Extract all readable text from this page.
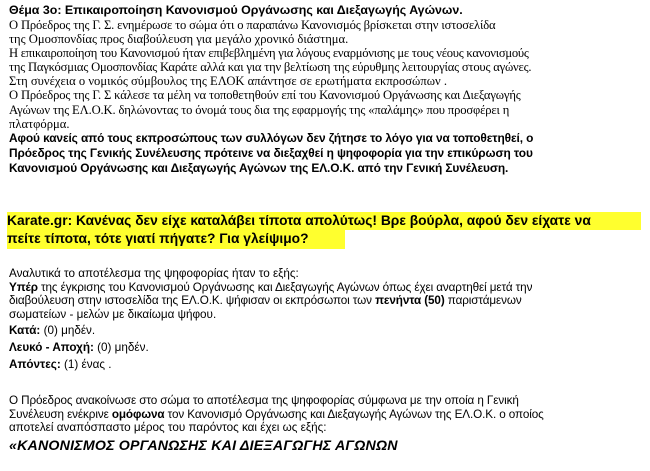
Θέμα 3ο: Επικαιροποίηση Κανονισμού Οργάνωσης και Διεξαγωγής Αγώνων.

Ο Πρόεδρος της Γ. Σ. ενημέρωσε το σώμα ότι ο παραπάνω Κανονισμός βρίσκεται στην ιστοσελίδα

της Ομοσπονδίας προς διαβούλευση για μεγάλο χρονικό διάστημα.

Η επικαιροποίηση του Κανονισμού ήταν επιβεβλημένη για λόγους εναρμόνισης με τους νέους κανονισμούς

της Παγκόσμιας Ομοσπονδίας Καράτε αλλά και για την βελτίωση της εύρυθμης λειτουργίας στους αγώνες.

Στη συνέχεια ο νομικός σύμβουλος της ΕΛΟΚ απάντησε σε ερωτήματα εκπροσώπων .

Ο Πρόεδρος της Γ. Σ κάλεσε τα μέλη να τοποθετηθούν επί του Κανονισμού Οργάνωσης και Διεξαγωγής

Αγώνων της ΕΛ.Ο.Κ. δηλώνοντας το όνομά τους δια της εφαρμογής της «παλάμης» που προσφέρει η

πλατφόρμα.

Αφού κανείς από τους εκπροσώπους των συλλόγων δεν ζήτησε το λόγο για να τοποθετηθεί, ο

Πρόεδρος της Γενικής Συνέλευσης πρότεινε να διεξαχθεί η ψηφοφορία για την επικύρωση του

Κανονισμού Οργάνωσης και Διεξαγωγής Αγώνων της ΕΛ.Ο.Κ. από την Γενική Συνέλευση.

Karate.gr: Κανένας δεν είχε καταλάβει τίποτα απολύτως! Βρε βούρλα, αφού δεν είχατε να

πείτε τίποτα, τότε γιατί πήγατε? Για γλείψιμο?

Αναλυτικά το αποτέλεσμα της ψηφοφορίας ήταν το εξής:

Υπέρ της έγκρισης του Κανονισμού Οργάνωσης και Διεξαγωγής Αγώνων όπως έχει αναρτηθεί μετά την

διαβούλευση στην ιστοσελίδα της ΕΛ.Ο.Κ. ψήφισαν οι εκπρόσωποι των πενήντα (50) παριστάμενων

σωματείων - μελών με δικαίωμα ψήφου.

Κατά: (0) μηδέν.

Λευκό - Αποχή: (0) μηδέν.

Απόντες: (1) ένας .

Ο Πρόεδρος ανακοίνωσε στο σώμα το αποτέλεσμα της ψηφοφορίας σύμφωνα με την οποία η Γενική

Συνέλευση ενέκρινε ομόφωνα τον Κανονισμό Οργάνωσης και Διεξαγωγής Αγώνων της ΕΛ.Ο.Κ. ο οποίος

αποτελεί αναπόσπαστο μέρος του παρόντος και έχει ως εξής:

«ΚΑΝΟΝΙΣΜΟΣ ΟΡΓΑΝΩΣΗΣ ΚΑΙ ΔΙΕΞΑΓΩΓΗΣ ΑΓΩΝΩΝ
